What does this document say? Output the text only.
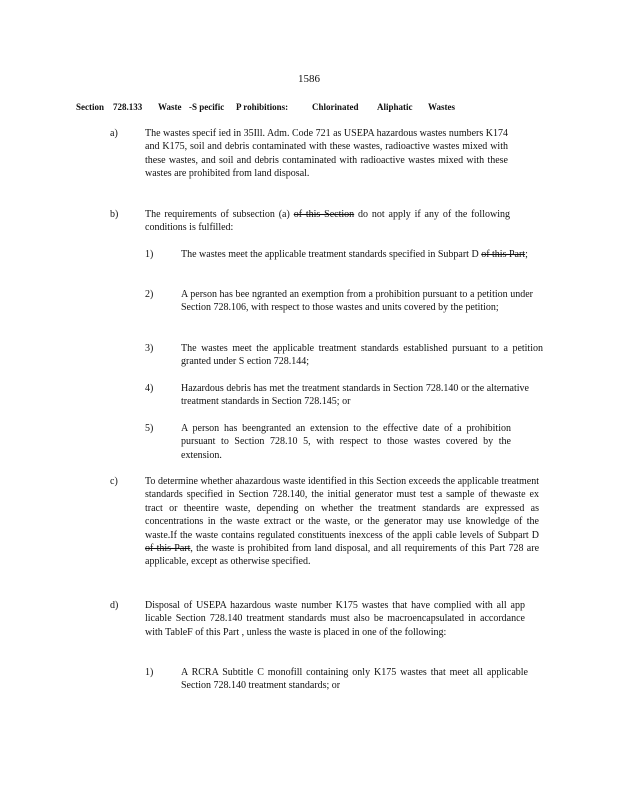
1586
Section 728.133 Waste -S pecific P rohibitions:	Chlorinated Aliphatic Wastes
a)	The wastes specif ied in 35Ill. Adm. Code 721 as USEPA hazardous wastes numbers K174 and K175, soil and debris contaminated with these wastes, radioactive wastes mixed with these wastes, and soil and debris contaminated with radioactive wastes mixed with these wastes are prohibited from land disposal.
b)	The requirements of subsection (a) of this Section do not apply if any of the following conditions is fulfilled:
1)	The wastes meet the applicable treatment standards specified in Subpart D of this Part;
2)	A person has bee ngranted an exemption from a prohibition pursuant to a petition under Section 728.106, with respect to those wastes and units covered by the petition;
3)	The wastes meet the applicable treatment standards established pursuant to a petition granted under S ection 728.144;
4)	Hazardous debris has met the treatment standards in Section 728.140 or the alternative treatment standards in Section 728.145; or
5)	A person has beengranted an extension to the effective date of a prohibition pursuant to Section 728.10 5, with respect to those wastes covered by the extension.
c)	To determine whether ahazardous waste identified in this Section exceeds the applicable treatment standards specified in Section 728.140, the initial generator must test a sample of thewaste ex tract or theentire waste, depending on whether the treatment standards are expressed as concentrations in the waste extract or the waste, or the generator may use knowledge of the waste.If the waste contains regulated constituents inexcess of the appli cable levels of Subpart D of this Part, the waste is prohibited from land disposal, and all requirements of this Part 728 are applicable, except as otherwise specified.
d)	Disposal of USEPA hazardous waste number K175 wastes that have complied with all app licable Section 728.140 treatment standards must also be macroencapsulated in accordance with TableF of this Part , unless the waste is placed in one of the following:
1)	A RCRA Subtitle C monofill containing only K175 wastes that meet all applicable Section 728.140 treatment standards; or
